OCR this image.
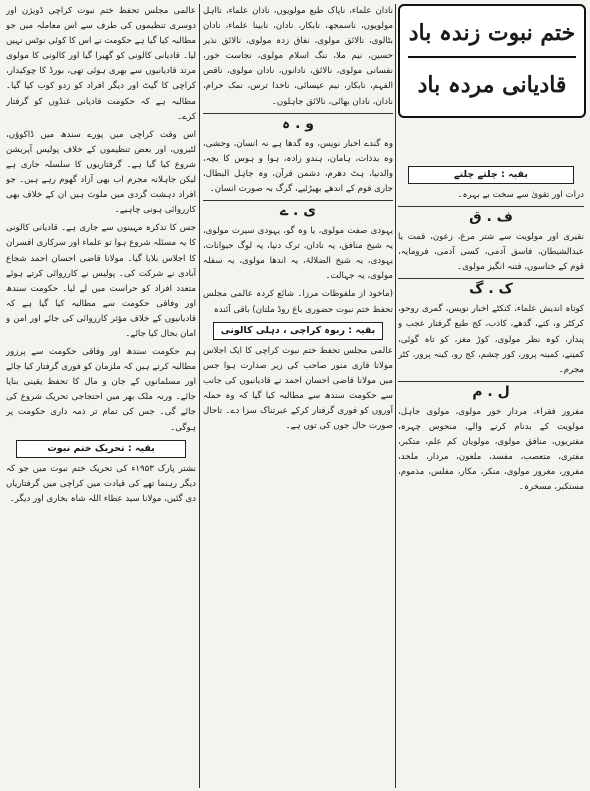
ختم نبوت زندہ باد
قادیانی مردہ باد
بقیہ : چلتے چلتے

درات اور تقویٰ سے سخت بے بہرہ۔

ف . ق

نقیری اور مولویت سے شتر مرغ، زعون، قمت یا عبدالشیطان، فاسق آدمی، کسی آدمی، فرومایہ، قوم کے خناسوں، فتنہ انگیز مولوی۔

ک . گ

کوتاہ اندیش علماء، کنکٹے اخبار نویس، گمری روحو، کرکٹر و، کتے، گدھے، کاذب، کج طبع گرفتار عجب و پندار، کوہ نظر مولوی، کوڑ مغز، کو تاہ گوئی، کمینے، کمینہ پرور، کور چشم، کج رو، کینہ پرور، کٹر مجرم۔

ل . م

مفرور فقراء، مردار خور مولوی، مولوی جاہل، مولویت کے بدنام کرنے والے، منحوس چہرہ، مفتریوں، منافق مولوی، مولویان کم علم، متکبر، مفتری، متعصب، مفسد، ملعون، مردار، ملحد، مفرور، مغرور مولوی، منکر، مکار، مفلس، مذموم، مستکبر، مسخرہ۔

نادان علماء، ناپاک طبع مولویوں، نادان علماء، نااہل مولویوں، ناسمجھ، نابکار، نادان، نابینا علماء، نادان بٹالوی، نالائق مولوی، نفاق زدہ مولوی، نالائق نذیر حسین، نیم ملا، ننگ اسلام مولوی، نجاست خور، نفسانی مولوی، نالائق، نادانوں، نادان مولوی، ناقص الفہم، نابکار، نیم عیسائی، ناخدا ترس، نمک حرام، نادان، نادان بھائی، نالائق جاہلوں۔

و . ہ

وہ گندے اخبار نویس، وہ گدھا ہے نہ انسان، وحشی، وہ بدذات، ہامان، ہندو زادہ، ہوا و ہوس کا بچہ، والدنیا، ہٹ دھرم، دشمن قرآن، وہ جاہل البطال، جاری قوم کے اندھے بھیڑئیے، گرگ بہ صورت انسان۔

ی . ے

یہودی صفت مولوی، یا وہ گو، یہودی سیرت مولوی، یہ شیخ منافق، یہ نادان، ترک دنیا، یہ لوگ حیوانات، یہودی، یہ شیخ الضلالۃ، یہ اندھا مولوی، یہ سفلہ مولوی، یہ جہالت۔

(ماخوذ از ملفوظات مرزا۔ شائع کردہ عالمی مجلس تحفظ ختم نبوت حضوری باغ روڈ ملتان) باقی آئندہ

بقیہ : ربوہ کراچی ، دہلی کالونی

عالمی مجلس تحفظ ختم نبوت کراچی کا ایک اجلاس مولانا قاری منور صاحب کی زیر صدارت ہوا جس میں مولانا قاضی احسان احمد نے قادیانیوں کی جانب سے حکومت سندھ سے مطالبہ کیا گیا کہ وہ حملہ آوروں کو فوری گرفتار کرکے عبرتناک سزا دے۔ تاحال صورت حال جوں کی توں ہے۔

عالمی مجلس تحفظ ختم نبوت کراچی ڈویژن اور دوسری تنظیموں کی طرف سے اس معاملہ میں جو مطالبہ کیا گیا ہے حکومت نے اس کا کوئی نوٹس نہیں لیا۔ قادیانی کالونی کو گھیرا گیا اور کالونی کا مولوی مرتد قادیانیوں سے بھری ہوئی تھی، بورڈ کا چوکیدار، کراچی کا گیٹ اور دیگر افراد کو زدو کوب کیا گیا۔ مطالبہ ہے کہ حکومت قادیانی غنڈوں کو گرفتار کرے۔

اس وقت کراچی میں پورے سندھ میں ڈاکوؤں، لٹیروں، اور بعض تنظیموں کے خلاف پولیس آپریشن شروع کیا گیا ہے۔ گرفتاریوں کا سلسلہ جاری ہے لیکن جاہلانہ مجرم اب بھی آزاد گھوم رہے ہیں۔ جو افراد دہشت گردی میں ملوث ہیں ان کے خلاف بھی کارروائی ہونی چاہیے۔

جس کا تذکرہ مہینوں سے جاری ہے۔ قادیانی کالونی کا یہ مسئلہ شروع ہوا تو علماء اور سرکاری افسران کا اجلاس بلایا گیا۔ مولانا قاضی احسان احمد شجاع آبادی نے شرکت کی۔ پولیس نے کارروائی کرتے ہوئے متعدد افراد کو حراست میں لے لیا۔ حکومت سندھ اور وفاقی حکومت سے مطالبہ کیا گیا ہے کہ قادیانیوں کے خلاف مؤثر کارروائی کی جائے اور امن و امان بحال کیا جائے۔

ہم حکومت سندھ اور وفاقی حکومت سے پرزور مطالبہ کرتے ہیں کہ ملزمان کو فوری گرفتار کیا جائے اور مسلمانوں کے جان و مال کا تحفظ یقینی بنایا جائے۔ ورنہ ملک بھر میں احتجاجی تحریک شروع کی جائے گی۔ جس کی تمام تر ذمہ داری حکومت پر ہوگی۔

بقیہ : تحریک ختم نبوت

نشتر پارک ۱۹۵۳ء کی تحریک ختم نبوت میں جو کہ دیگر رہنما تھے کی قیادت میں کراچی میں گرفتاریاں دی گئیں، مولانا سید عطاء اللہ شاہ بخاری اور دیگر۔
